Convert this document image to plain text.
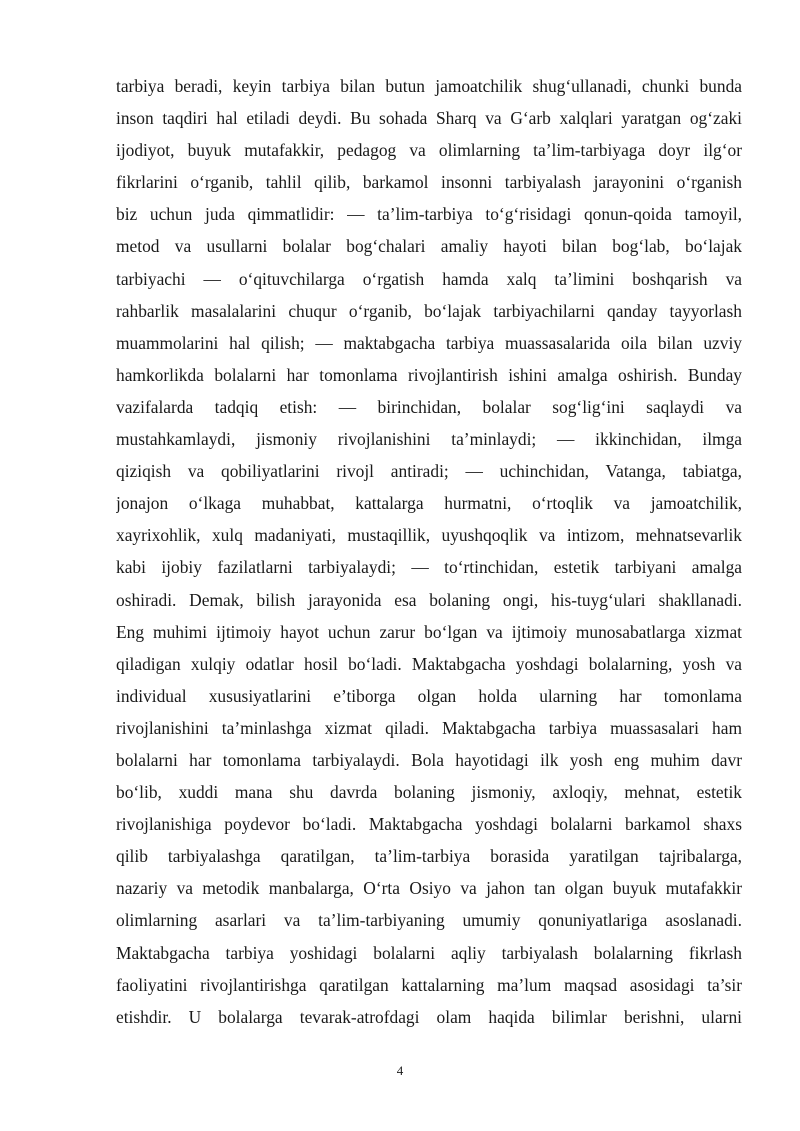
tarbiya beradi, keyin tarbiya bilan butun jamoatchilik shug‘ullanadi, chunki bunda
inson taqdiri hal etiladi deydi. Bu sohada Sharq va G‘arb xalqlari yaratgan og‘zaki
ijodiyot, buyuk mutafakkir, pedagog va olimlarning ta’lim-tarbiyaga doyr ilg‘or
fikrlarini o‘rganib, tahlil qilib, barkamol insonni tarbiyalash jarayonini o‘rganish
biz uchun juda qimmatlidir: — ta’lim-tarbiya to‘g‘risidagi qonun-qoida tamoyil,
metod va usullarni bolalar bog‘chalari amaliy hayoti bilan bog‘lab, bo‘lajak
tarbiyachi — o‘qituvchilarga o‘rgatish hamda xalq ta’limini boshqarish va
rahbarlik masalalarini chuqur o‘rganib, bo‘lajak tarbiyachilarni qanday tayyorlash
muammolarini hal qilish; — maktabgacha tarbiya muassasalarida oila bilan uzviy
hamkorlikda bolalarni har tomonlama rivojlantirish ishini amalga oshirish. Bunday
vazifalarda tadqiq etish: — birinchidan, bolalar sog‘lig‘ini saqlaydi va
mustahkamlaydi, jismoniy rivojlanishini ta’minlaydi; — ikkinchidan, ilmga
qiziqish va qobiliyatlarini rivojl antiradi; — uchinchidan, Vatanga, tabiatga,
jonajon o‘lkaga muhabbat, kattalarga hurmatni, o‘rtoqlik va jamoatchilik,
xayrixohlik, xulq madaniyati, mustaqillik, uyushqoqlik va intizom, mehnatsevarlik
kabi ijobiy fazilatlarni tarbiyalaydi; — to‘rtinchidan, estetik tarbiyani amalga
oshiradi. Demak, bilish jarayonida esa bolaning ongi, his-tuyg‘ulari shakllanadi.
Eng muhimi ijtimoiy hayot uchun zarur bo‘lgan va ijtimoiy munosabatlarga xizmat
qiladigan xulqiy odatlar hosil bo‘ladi. Maktabgacha yoshdagi bolalarning, yosh va
individual xususiyatlarini e’tiborga olgan holda ularning har tomonlama
rivojlanishini ta’minlashga xizmat qiladi. Maktabgacha tarbiya muassasalari ham
bolalarni har tomonlama tarbiyalaydi. Bola hayotidagi ilk yosh eng muhim davr
bo‘lib, xuddi mana shu davrda bolaning jismoniy, axloqiy, mehnat, estetik
rivojlanishiga poydevor bo‘ladi. Maktabgacha yoshdagi bolalarni barkamol shaxs
qilib tarbiyalashga qaratilgan, ta’lim-tarbiya borasida yaratilgan tajribalarga,
nazariy va metodik manbalarga, O‘rta Osiyo va jahon tan olgan buyuk mutafakkir
olimlarning asarlari va ta’lim-tarbiyaning umumiy qonuniyatlariga asoslanadi.
Maktabgacha tarbiya yoshidagi bolalarni aqliy tarbiyalash bolalarning fikrlash
faoliyatini rivojlantirishga qaratilgan kattalarning ma’lum maqsad asosidagi ta’sir
etishdir. U bolalarga tevarak-atrofdagi olam haqida bilimlar berishni, ularni
4
